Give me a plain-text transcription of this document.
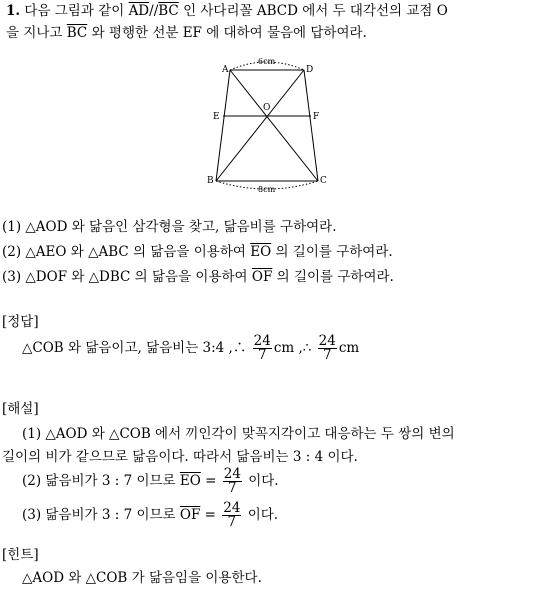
1. 다음 그림과 같이 $\overline{AD}//\overline{BC}$ 인 사다리꼴 ABCD 에서 두 대각선의 교점 O
을 지나고 $\overline{BC}$ 와 평행한 선분 EF 에 대하여 물음에 답하여라.
A	D
O
E	F
B	C
6cm
8cm
(1) △AOD 와 닮음인 삼각형을 찾고, 닮음비를 구하여라.
(2) △AEO 와 △ABC 의 닮음을 이용하여 $\overline{EO}$ 의 길이를 구하여라.
(3) △DOF 와 △DBC 의 닮음을 이용하여 $\overline{OF}$ 의 길이를 구하여라.
[정답]
△COB 와 닮음이고, 닮음비는 3:4 ,∴ $\frac{24}{7}$ cm ,∴ $\frac{24}{7}$ cm
[해설]
(1) △AOD 와 △COB 에서 끼인각이 맞꼭지각이고 대응하는 두 쌍의 변의
길이의 비가 같으므로 닮음이다. 따라서 닮음비는 3 : 4 이다.
(2) 닮음비가 3 : 7 이므로 $\overline{EO} = \frac{24}{7}$ 이다.
(3) 닮음비가 3 : 7 이므로 $\overline{OF} = \frac{24}{7}$ 이다.
[힌트]
△AOD 와 △COB 가 닮음임을 이용한다.
